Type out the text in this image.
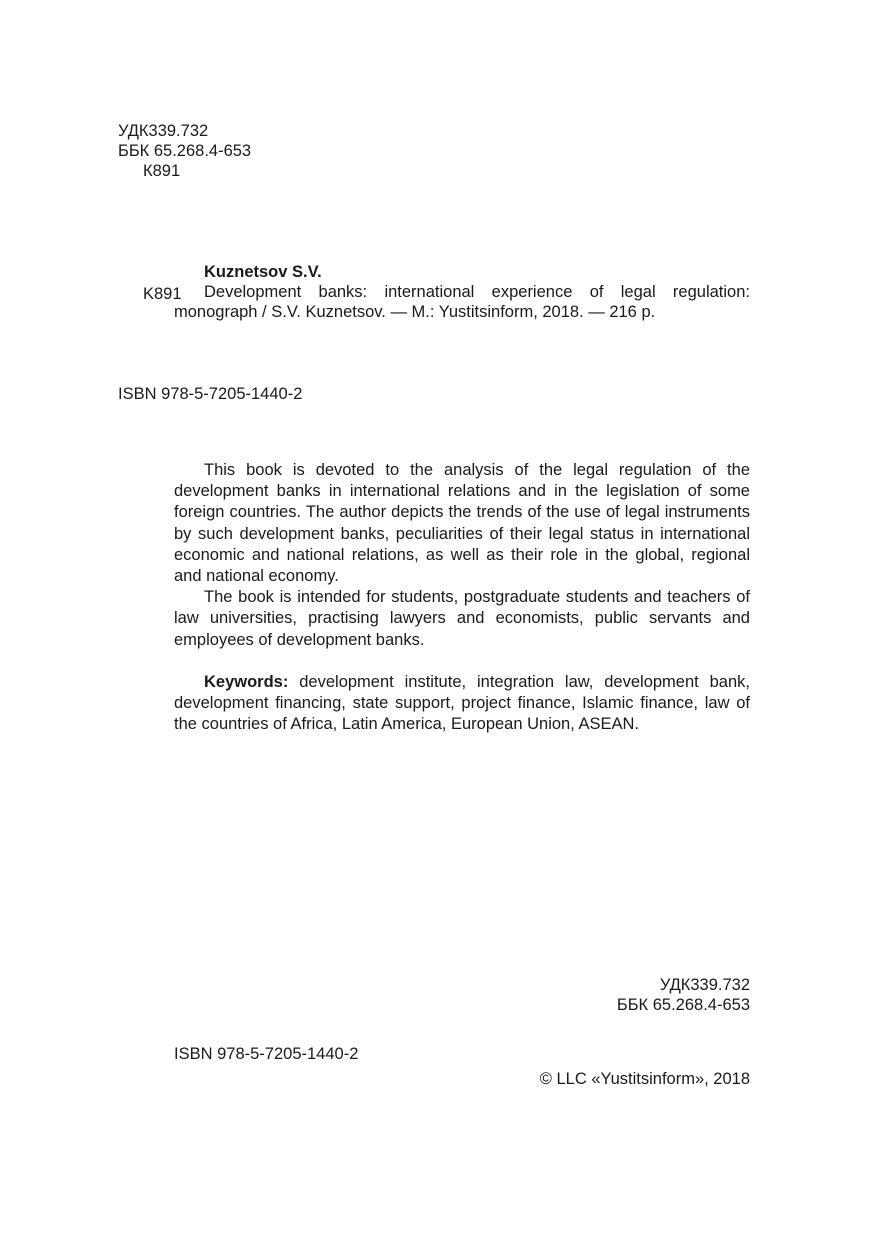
УДК339.732
ББК 65.268.4-653
К891
Kuznetsov S.V.
K891	Development banks: international experience of legal regulation: monograph / S.V. Kuznetsov. — M.: Yustitsinform, 2018. — 216 p.

ISBN 978-5-7205-1440-2

This book is devoted to the analysis of the legal regulation of the development banks in international relations and in the legislation of some foreign countries. The author depicts the trends of the use of legal instruments by such development banks, peculiarities of their legal status in international economic and national relations, as well as their role in the global, regional and national economy.

The book is intended for students, postgraduate students and teachers of law universities, practising lawyers and economists, public servants and employees of development banks.

Keywords: development institute, integration law, development bank, development financing, state support, project finance, Islamic finance, law of the countries of Africa, Latin America, European Union, ASEAN.

УДК339.732
ББК 65.268.4-653
ISBN 978-5-7205-1440-2
© LLC «Yustitsinform», 2018
